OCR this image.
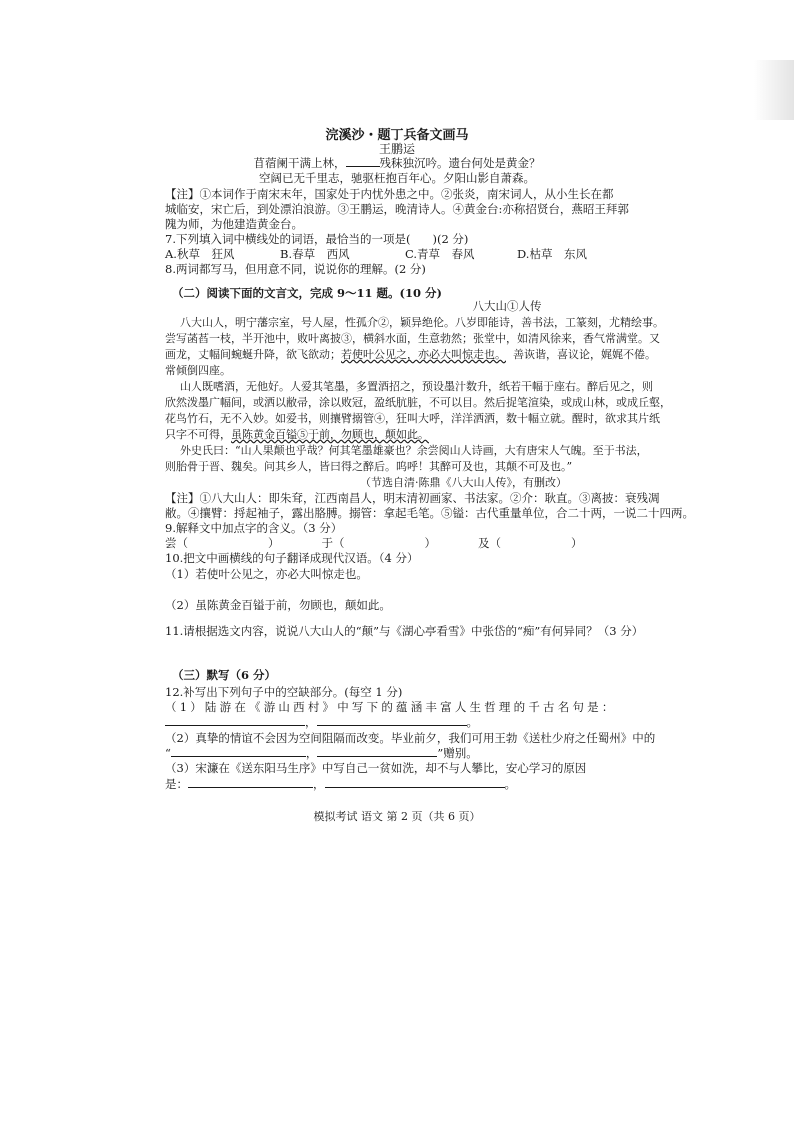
浣溪沙・题丁兵备文画马
王鹏运
苜蓿阑干满上林，	残秣独沉吟。遗台何处是黄金？
空阔已无千里志，驰驱枉抱百年心。夕阳山影自萧森。
【注】①本词作于南宋末年，国家处于内忧外患之中。②张炎，南宋词人，从小生长在都
城临安，宋亡后，到处漂泊浪游。③王鹏运，晚清诗人。④黄金台:亦称招贤台，燕昭王拜郭
隗为师，为他建造黄金台。
7.下列填入词中横线处的词语，最恰当的一项是( )(2 分)
A.秋草　狂风	B.春草　西风	C.青草　春风	D.枯草　东风
8.两词都写马，但用意不同，说说你的理解。(2 分)
（二）阅读下面的文言文，完成 9～11 题。(10 分)
八大山①人传
八大山人，明宁藩宗室，号人屋，性孤介②，颖异绝伦。八岁即能诗，善书法，工篆刻，尤精绘事。
尝写菡萏一枝，半开池中，败叶离披③，横斜水面，生意勃然；张堂中，如清风徐来，香气常满堂。又
画龙，丈幅间蜿蜒升降，欲飞欲动；若使叶公见之，亦必大叫惊走也。 善诙谐，喜议论，娓娓不倦。
常倾倒四座。
山人既嗜酒，无他好。人爱其笔墨，多置酒招之，预设墨汁数升，纸若干幅于座右。醉后见之，则
欣然泼墨广幅间，或洒以敝帚，涂以败冠，盈纸肮脏，不可以目。然后捉笔渲染，或成山林，或成丘壑，
花鸟竹石，无不入妙。如爱书，则攘臂搦管④，狂叫大呼，洋洋洒洒，数十幅立就。醒时，欲求其片纸
只字不可得，虽陈黄金百镒⑤于前，勿顾也，颠如此。
外史氏曰：“山人果颠也乎哉？何其笔墨雄豪也？余尝阅山人诗画，大有唐宋人气魄。至于书法，
则胎骨于晋、魏矣。问其乡人，皆曰得之醉后。呜呼！其醉可及也，其颠不可及也。”
（节选自清·陈鼎《八大山人传》，有删改）
【注】①八大山人：即朱耷，江西南昌人，明末清初画家、书法家。②介：耿直。③离披：衰残凋
敝。④攘臂：捋起袖子，露出胳膊。搦管：拿起毛笔。⑤镒：古代重量单位，合二十两，一说二十四两。
9.解释文中加点字的含义。（3 分）
尝（	）	于（	）	及（	）
10.把文中画横线的句子翻译成现代汉语。（4 分）
（1）若使叶公见之，亦必大叫惊走也。
（2）虽陈黄金百镒于前，勿顾也，颠如此。
11.请根据选文内容，说说八大山人的“颠”与《湖心亭看雪》中张岱的“痴”有何异同？（3 分）
（三）默写（6 分）
12.补写出下列句子中的空缺部分。(每空 1 分)
（1）陆游在《游山西村》中写下的蕴涵丰富人生哲理的千古名句是：
，	。
（2）真挚的情谊不会因为空间阻隔而改变。毕业前夕，我们可用王勃《送杜少府之任蜀州》中的
“	，	”赠别。
（3）宋濂在《送东阳马生序》中写自己一贫如洗，却不与人攀比，安心学习的原因
是：	，	。
模拟考试 语文 第 2 页（共 6 页）
